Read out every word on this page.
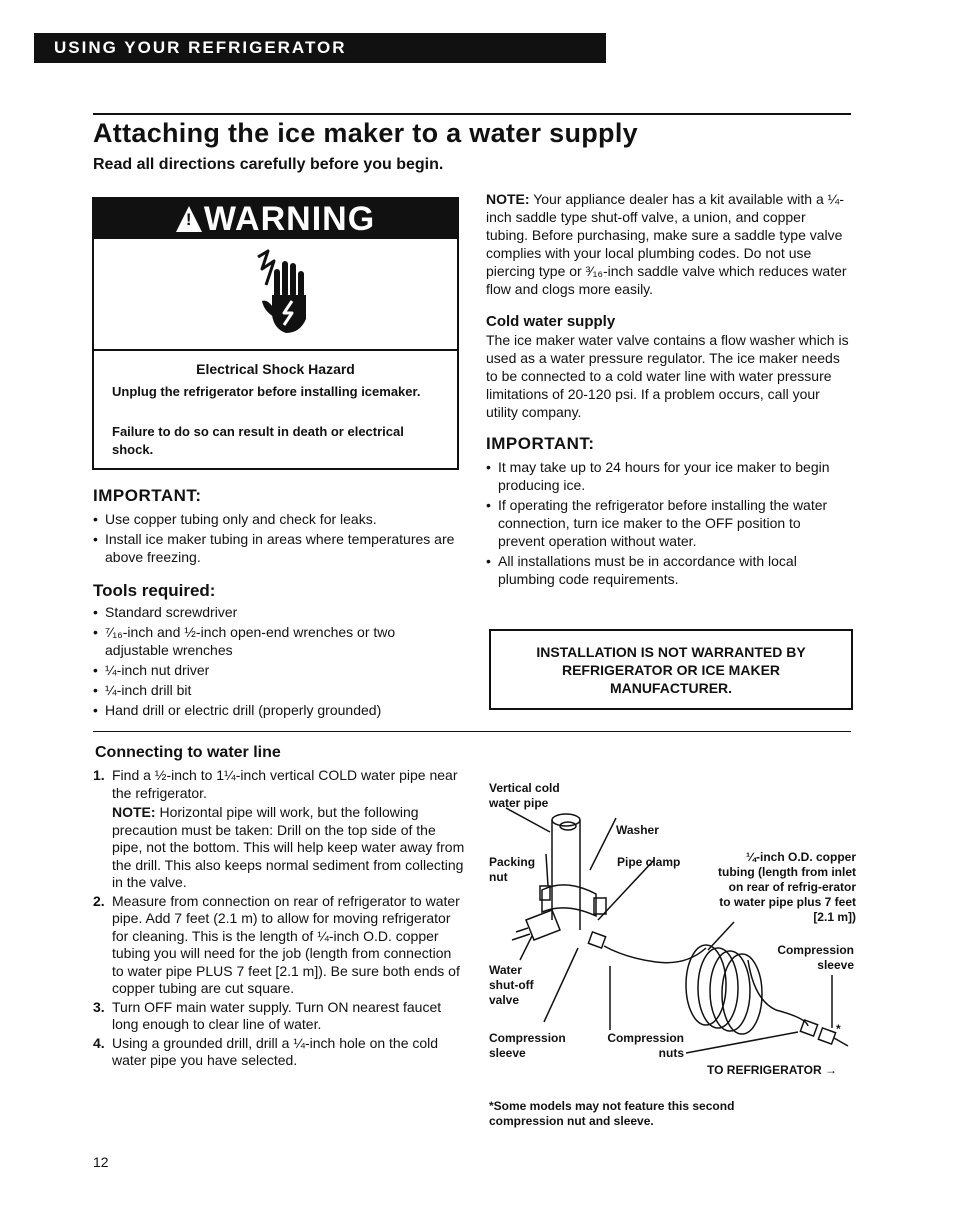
USING YOUR REFRIGERATOR
Attaching the ice maker to a water supply
Read all directions carefully before you begin.
!WARNING
Electrical Shock Hazard
Unplug the refrigerator before installing icemaker.
Failure to do so can result in death or electrical shock.
IMPORTANT:
• Use copper tubing only and check for leaks.
• Install ice maker tubing in areas where temperatures are above freezing.
Tools required:
• Standard screwdriver
• ⁷⁄₁₆-inch and ½-inch open-end wrenches or two adjustable wrenches
• ¼-inch nut driver
• ¼-inch drill bit
• Hand drill or electric drill (properly grounded)
NOTE: Your appliance dealer has a kit available with a ¼-inch saddle type shut-off valve, a union, and copper tubing. Before purchasing, make sure a saddle type valve complies with your local plumbing codes. Do not use piercing type or ³⁄₁₆-inch saddle valve which reduces water flow and clogs more easily.
Cold water supply
The ice maker water valve contains a flow washer which is used as a water pressure regulator. The ice maker needs to be connected to a cold water line with water pressure limitations of 20-120 psi. If a problem occurs, call your utility company.
IMPORTANT:
• It may take up to 24 hours for your ice maker to begin producing ice.
• If operating the refrigerator before installing the water connection, turn ice maker to the OFF position to prevent operation without water.
• All installations must be in accordance with local plumbing code requirements.
INSTALLATION IS NOT WARRANTED BY REFRIGERATOR OR ICE MAKER MANUFACTURER.
Connecting to water line
1. Find a ½-inch to 1¼-inch vertical COLD water pipe near the refrigerator.
NOTE: Horizontal pipe will work, but the following precaution must be taken: Drill on the top side of the pipe, not the bottom. This will help keep water away from the drill. This also keeps normal sediment from collecting in the valve.
2. Measure from connection on rear of refrigerator to water pipe. Add 7 feet (2.1 m) to allow for moving refrigerator for cleaning. This is the length of ¼-inch O.D. copper tubing you will need for the job (length from connection to water pipe PLUS 7 feet [2.1 m]). Be sure both ends of copper tubing are cut square.
3. Turn OFF main water supply. Turn ON nearest faucet long enough to clear line of water.
4. Using a grounded drill, drill a ¼-inch hole on the cold water pipe you have selected.
Vertical cold water pipe
Washer
Packing nut
Pipe clamp	¼-inch O.D. copper tubing (length from inlet on rear of refrig-erator to water pipe plus 7 feet [2.1 m])
Compression sleeve
Water shut-off valve
Compression sleeve
Compression nuts
TO REFRIGERATOR →
*
*Some models may not feature this second compression nut and sleeve.
12
